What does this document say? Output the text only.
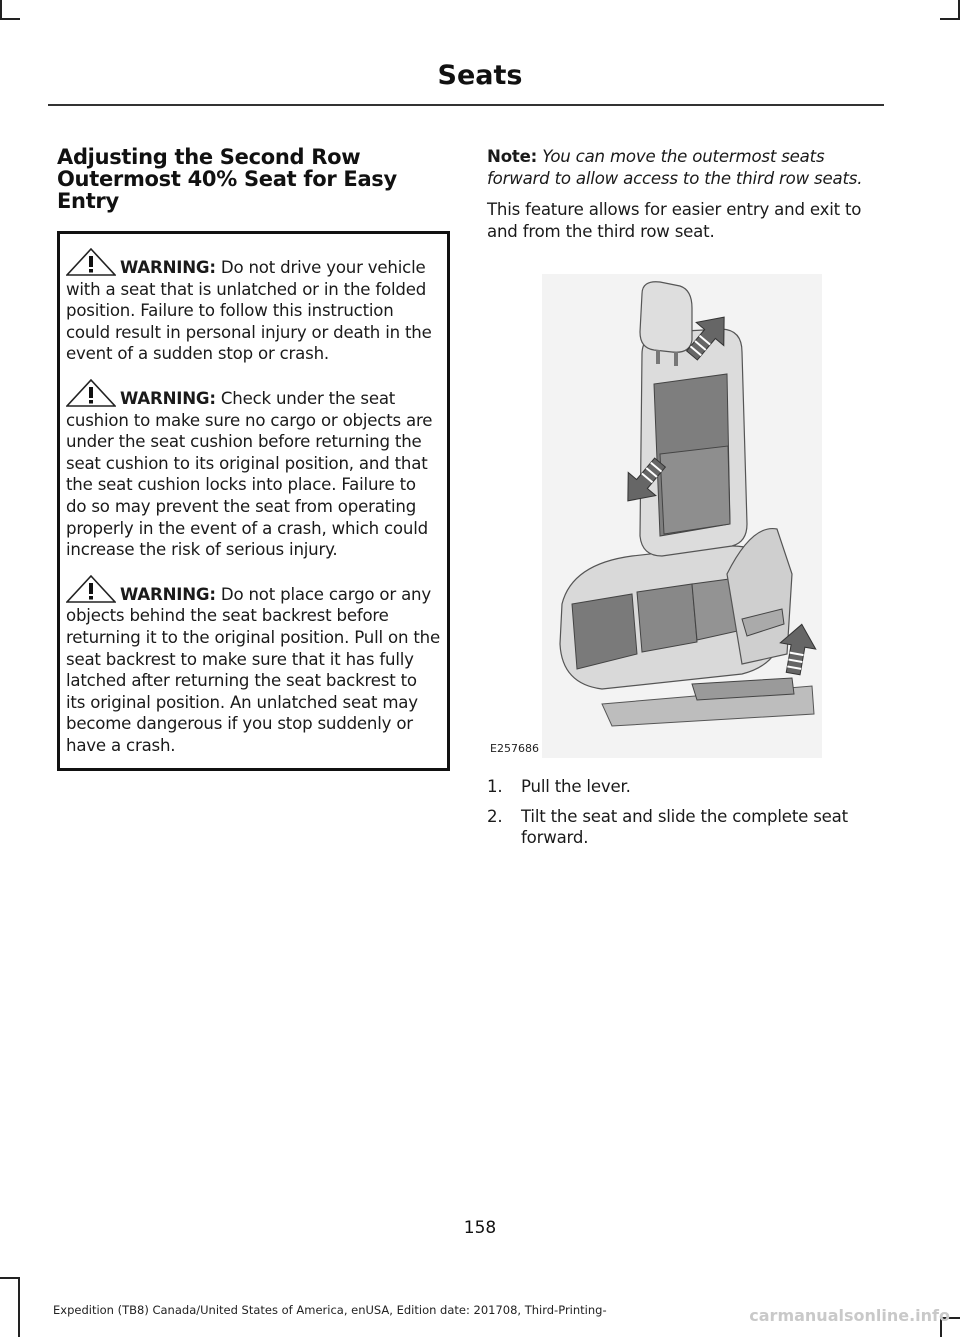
Seats
Adjusting the Second Row
Outermost 40% Seat for Easy
Entry

WARNING: Do not drive your vehicle with a seat that is unlatched or in the folded position. Failure to follow this instruction could result in personal injury or death in the event of a sudden stop or crash.

WARNING: Check under the seat cushion to make sure no cargo or objects are under the seat cushion before returning the seat cushion to its original position, and that the seat cushion locks into place. Failure to do so may prevent the seat from operating properly in the event of a crash, which could increase the risk of serious injury.

WARNING: Do not place cargo or any objects behind the seat backrest before returning it to the original position. Pull on the seat backrest to make sure that it has fully latched after returning the seat backrest to its original position. An unlatched seat may become dangerous if you stop suddenly or have a crash.

Note: You can move the outermost seats forward to allow access to the third row seats.

This feature allows for easier entry and exit to and from the third row seat.

E257686
1.	Pull the lever.
2.	Tilt the seat and slide the complete seat forward.
158
Expedition (TB8) Canada/United States of America, enUSA, Edition date: 201708, Third-Printing-	carmanualsonline.info
